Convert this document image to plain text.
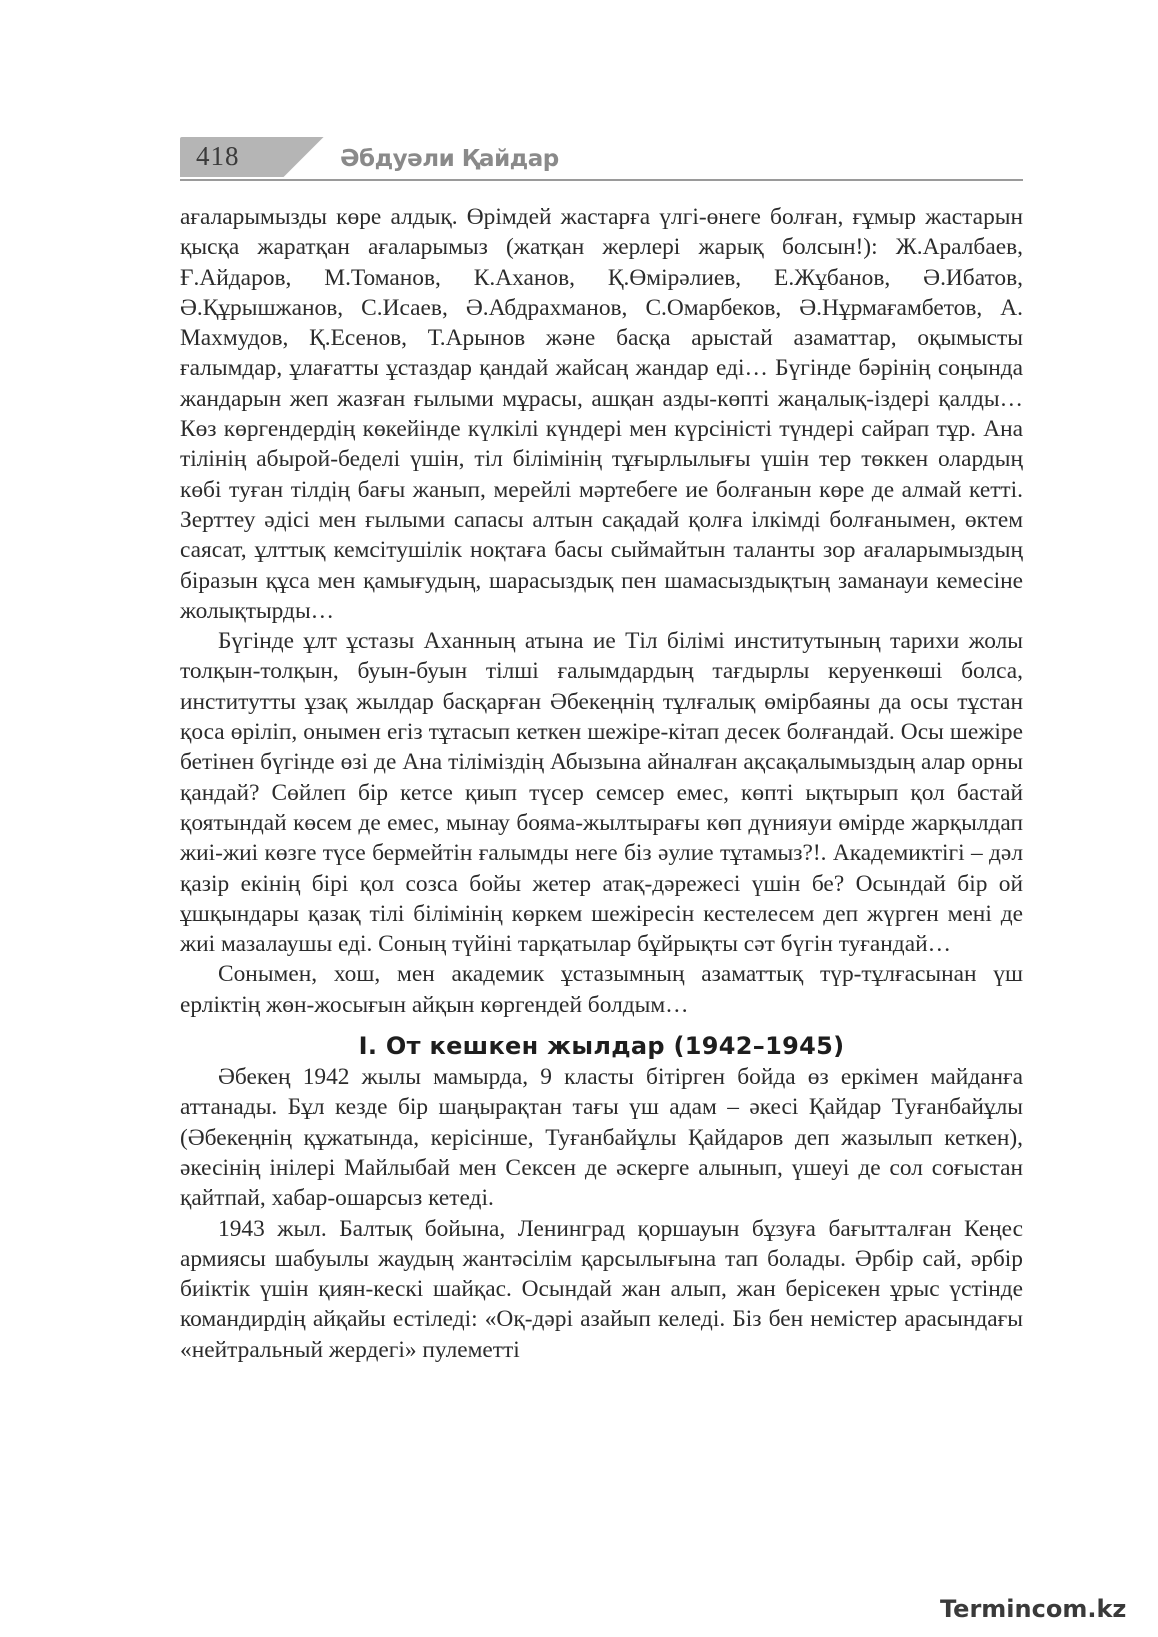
418	Әбдуәли Қайдар

ағаларымызды көре алдық. Өрімдей жастарға үлгі-өнеге болған, ғұмыр жастарын қысқа жаратқан ағаларымыз (жатқан жерлері жарық болсын!): Ж.Аралбаев, Ғ.Айдаров, М.Томанов, К.Аханов, Қ.Өмірәлиев, Е.Жұбанов, Ә.Ибатов, Ә.Құрышжанов, С.Исаев, Ә.Абдрахманов, С.Омарбеков, Ә.Нұрмағамбетов, А. Махмудов, Қ.Есенов, Т.Арынов және басқа арыстай азаматтар, оқымысты ғалымдар, ұлағатты ұстаздар қандай жайсаң жандар еді… Бүгінде бәрінің соңында жандарын жеп жазған ғылыми мұрасы, ашқан азды-көпті жаңалық-іздері қалды…Көз көргендердің көкейінде күлкілі күндері мен күрсіністі түндері сайрап тұр. Ана тілінің абырой-беделі үшін, тіл білімінің тұғырлылығы үшін тер төккен олардың көбі туған тілдің бағы жанып, мерейлі мәртебеге ие болғанын көре де алмай кетті. Зерттеу әдісі мен ғылыми сапасы алтын сақадай қолға ілкімді болғанымен, өктем саясат, ұлттық кемсітушілік ноқтаға басы сыймайтын таланты зор ағаларымыздың біразын құса мен қамығудың, шарасыздық пен шамасыздықтың заманауи кемесіне жолықтырды…

Бүгінде ұлт ұстазы Аханның атына ие Тіл білімі институтының тарихи жолы толқын-толқын, буын-буын тілші ғалымдардың тағдырлы керуенкөші болса, институтты ұзақ жылдар басқарған Әбекеңнің тұлғалық өмірбаяны да осы тұстан қоса өріліп, онымен егіз тұтасып кеткен шежіре-кітап десек болғандай. Осы шежіре бетінен бүгінде өзі де Ана тіліміздің Абызына айналған ақсақалымыздың алар орны қандай? Сөйлеп бір кетсе қиып түсер семсер емес, көпті ықтырып қол бастай қоятындай көсем де емес, мынау бояма-жылтырағы көп дүнияуи өмірде жарқылдап жиі-жиі көзге түсе бермейтін ғалымды неге біз әулие тұтамыз?!. Академиктігі – дәл қазір екінің бірі қол созса бойы жетер атақ-дәрежесі үшін бе? Осындай бір ой ұшқындары қазақ тілі білімінің көркем шежіресін кестелесем деп жүрген мені де жиі мазалаушы еді. Соның түйіні тарқатылар бұйрықты сәт бүгін туғандай…

Сонымен, хош, мен академик ұстазымның азаматтық түр-тұлғасынан үш ерліктің жөн-жосығын айқын көргендей болдым…

I. От кешкен жылдар (1942–1945)

Әбекең 1942 жылы мамырда, 9 класты бітірген бойда өз еркімен майданға аттанады. Бұл кезде бір шаңырақтан тағы үш адам – әкесі Қайдар Туғанбайұлы (Әбекеңнің құжатында, керісінше, Туғанбайұлы Қайдаров деп жазылып кеткен), әкесінің інілері Майлыбай мен Сексен де әскерге алынып, үшеуі де сол соғыстан қайтпай, хабар-ошарсыз кетеді.

1943 жыл. Балтық бойына, Ленинград қоршауын бұзуға бағытталған Кеңес армиясы шабуылы жаудың жантәсілім қарсылығына тап болады. Әрбір сай, әрбір биіктік үшін қиян-кескі шайқас. Осындай жан алып, жан берісекен ұрыс үстінде командирдің айқайы естіледі: «Оқ-дәрі азайып келеді. Біз бен немістер арасындағы «нейтральный жердегі» пулеметті

Termincom.kz
